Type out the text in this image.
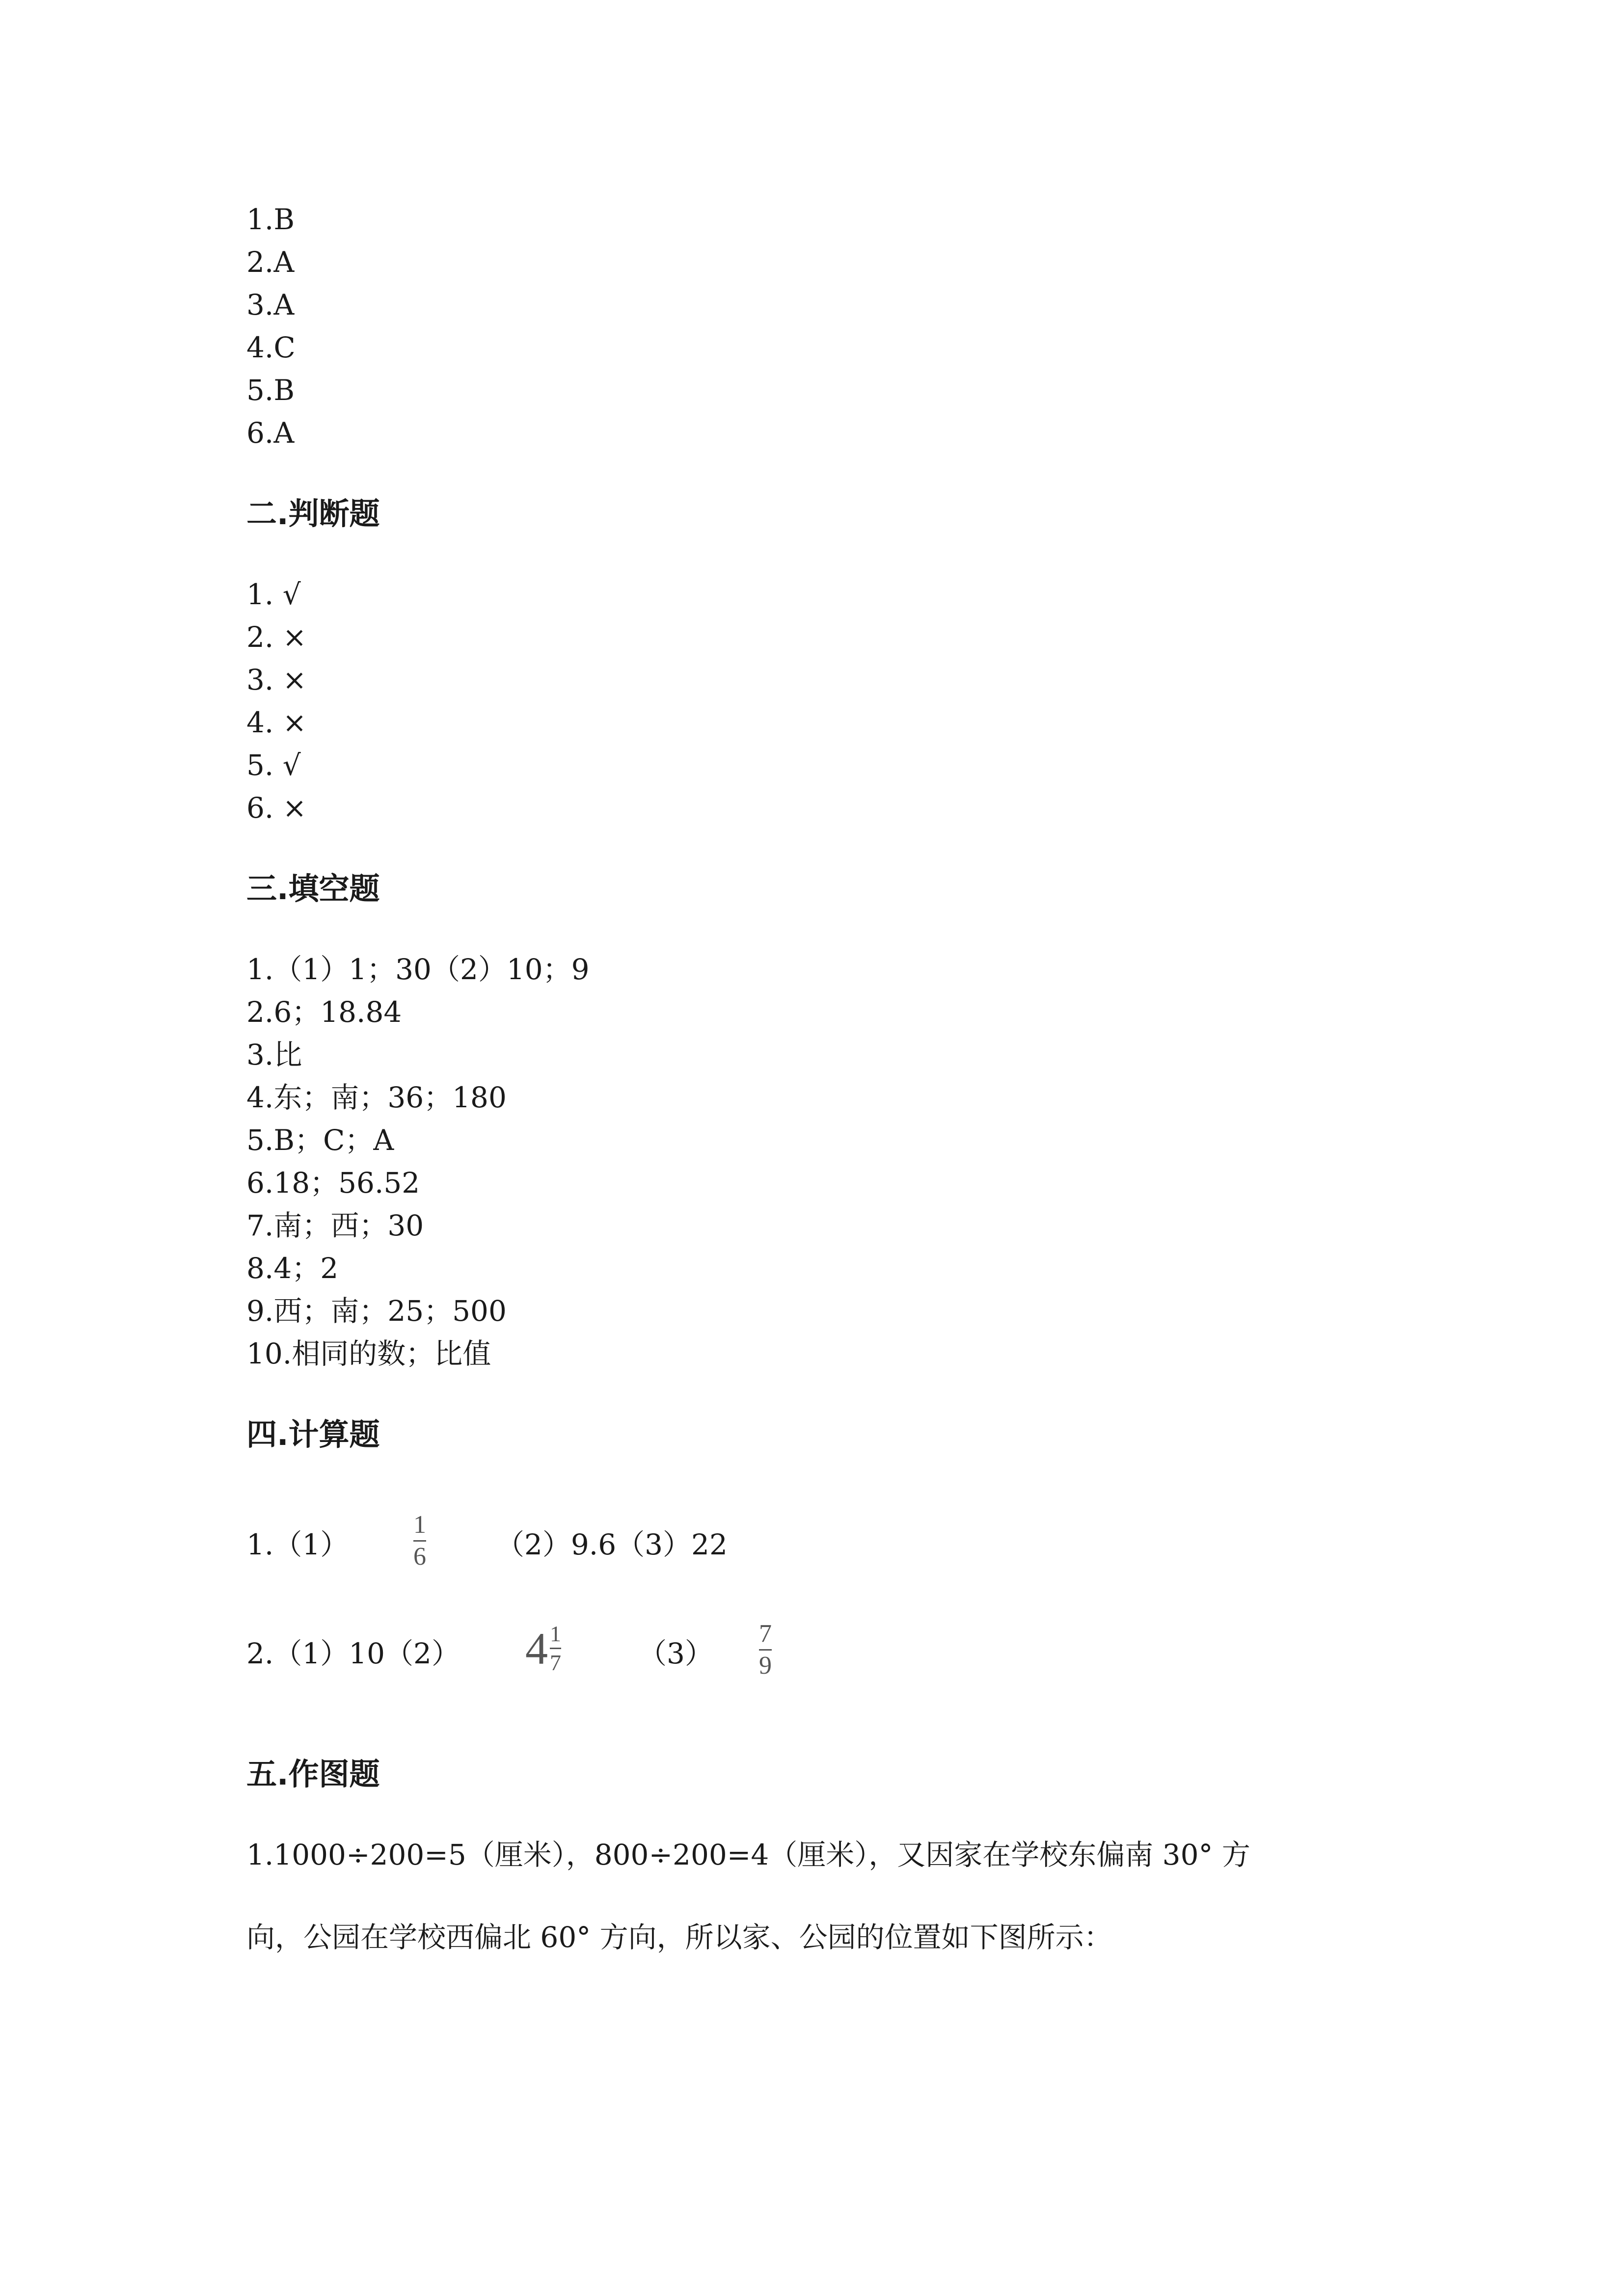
1.B
2.A
3.A
4.C
5.B
6.A
二.判断题
1. √
2. ×
3. ×
4. ×
5. √
6. ×
三.填空题
1.（1）1；30（2）10；9
2.6；18.84
3.比
4.东；南；36；180
5.B；C；A
6.18；56.52
7.南；西；30
8.4；2
9.西；南；25；500
10.相同的数；比值
四.计算题
1.（1）
1
6 （2）9.6（3）22
2.（1）10（2） $4 \frac{1}{7}$	（3）
7
9
五.作图题
1.1000÷200=5（厘米），800÷200=4（厘米），又因家在学校东偏南 30° 方
向，公园在学校西偏北 60° 方向，所以家、公园的位置如下图所示：
